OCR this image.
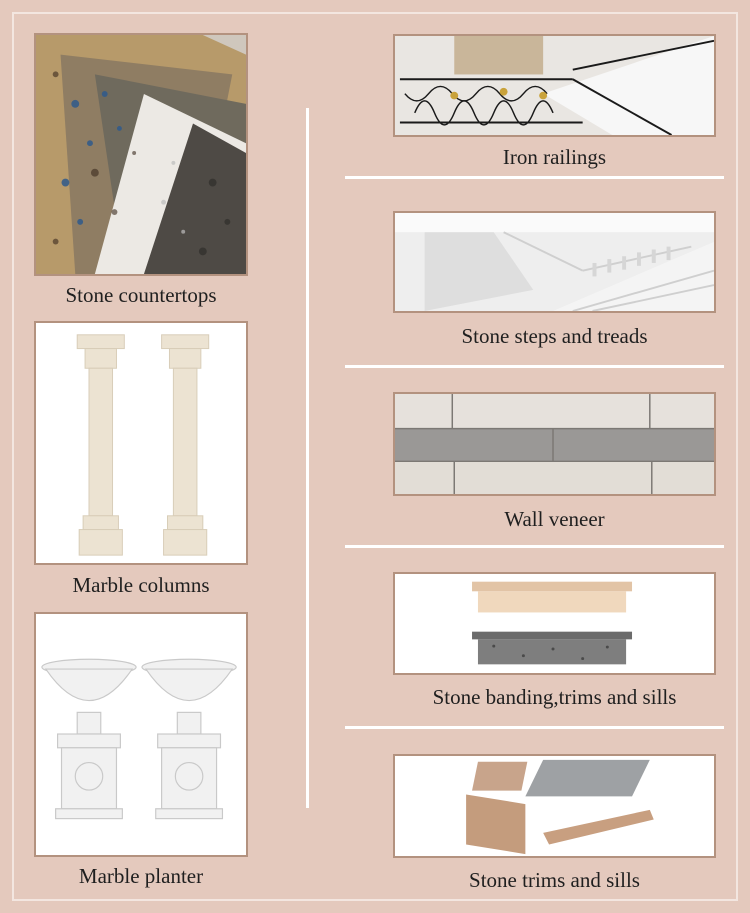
Stone countertops
Marble columns
Marble planter
Iron railings
Stone steps and treads
Wall veneer
Stone banding,trims and sills
Stone trims and sills
